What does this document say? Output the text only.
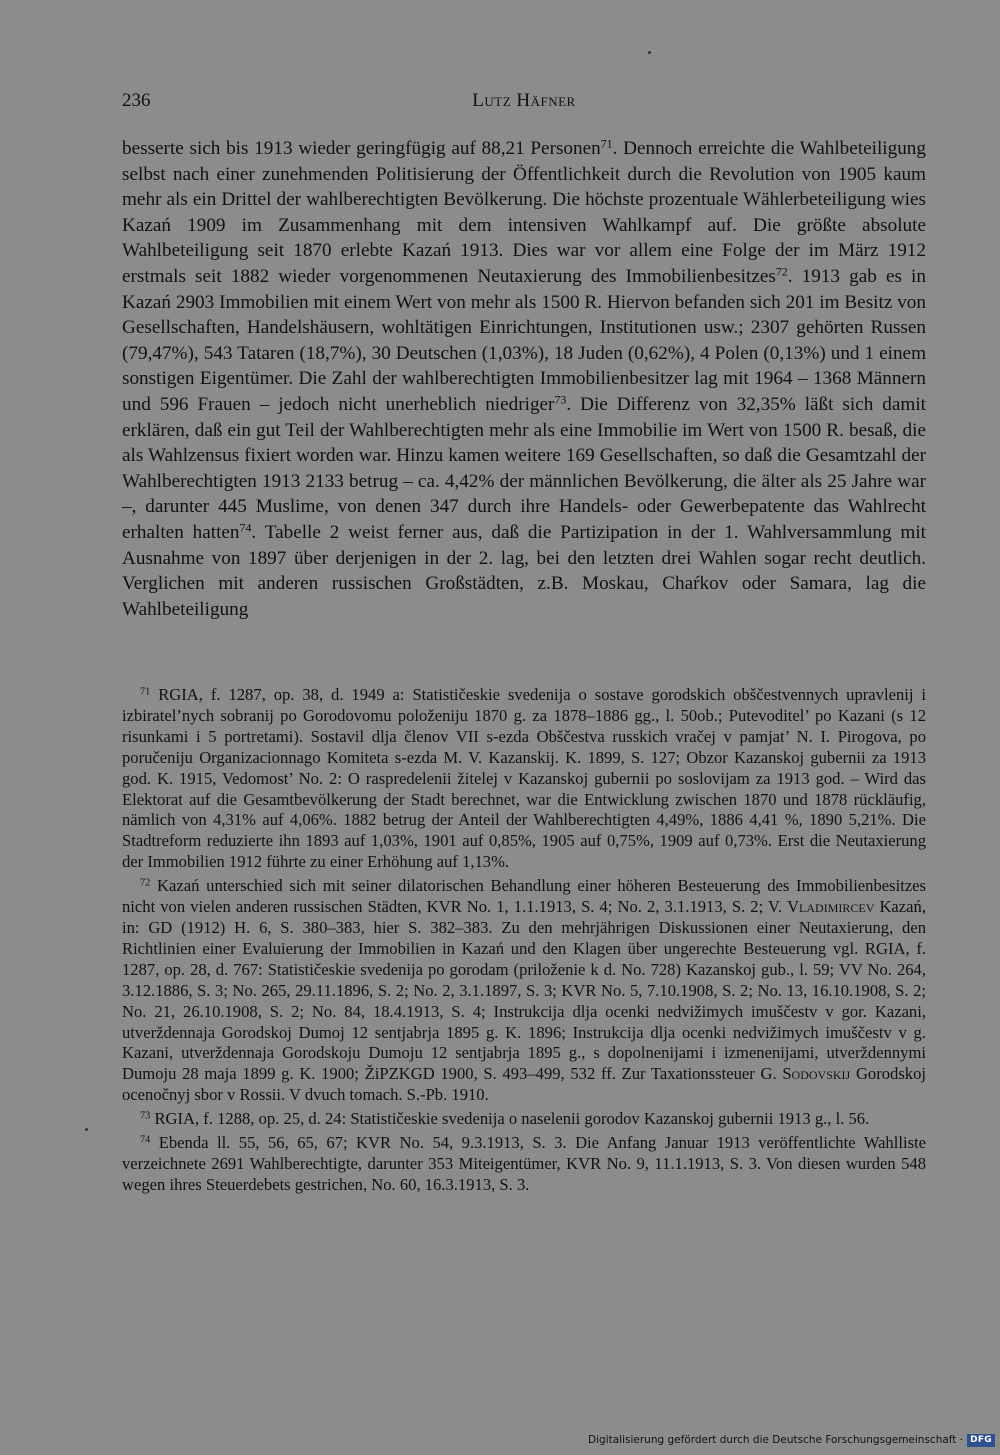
236	Lutz Häfner

besserte sich bis 1913 wieder geringfügig auf 88,21 Personen$^{71}$. Dennoch erreichte die Wahlbeteiligung selbst nach einer zunehmenden Politisierung der Öffentlichkeit durch die Revolution von 1905 kaum mehr als ein Drittel der wahlberechtigten Bevölkerung. Die höchste prozentuale Wählerbeteiligung wies Kazań 1909 im Zusammenhang mit dem intensiven Wahlkampf auf. Die größte absolute Wahlbeteiligung seit 1870 erlebte Kazań 1913. Dies war vor allem eine Folge der im März 1912 erstmals seit 1882 wieder vorgenommenen Neutaxierung des Immobilienbesitzes$^{72}$. 1913 gab es in Kazań 2903 Immobilien mit einem Wert von mehr als 1500 R. Hiervon befanden sich 201 im Besitz von Gesellschaften, Handelshäusern, wohltätigen Einrichtungen, Institutionen usw.; 2307 gehörten Russen (79,47%), 543 Tataren (18,7%), 30 Deutschen (1,03%), 18 Juden (0,62%), 4 Polen (0,13%) und 1 einem sonstigen Eigentümer. Die Zahl der wahlberechtigten Immobilienbesitzer lag mit 1964 – 1368 Männern und 596 Frauen – jedoch nicht unerheblich niedriger$^{73}$. Die Differenz von 32,35% läßt sich damit erklären, daß ein gut Teil der Wahlberechtigten mehr als eine Immobilie im Wert von 1500 R. besaß, die als Wahlzensus fixiert worden war. Hinzu kamen weitere 169 Gesellschaften, so daß die Gesamtzahl der Wahlberechtigten 1913 2133 betrug – ca. 4,42% der männlichen Bevölkerung, die älter als 25 Jahre war –, darunter 445 Muslime, von denen 347 durch ihre Handels- oder Gewerbepatente das Wahlrecht erhalten hatten$^{74}$. Tabelle 2 weist ferner aus, daß die Partizipation in der 1. Wahlversammlung mit Ausnahme von 1897 über derjenigen in der 2. lag, bei den letzten drei Wahlen sogar recht deutlich. Verglichen mit anderen russischen Großstädten, z.B. Moskau, Chaŕkov oder Samara, lag die Wahlbeteiligung

$^{71}$ RGIA, f. 1287, op. 38, d. 1949 a: Statističeskie svedenija o sostave gorodskich obščestvennych upravlenij i izbiratel’nych sobranij po Gorodovomu položeniju 1870 g. za 1878–1886 gg., l. 50ob.; Putevoditel’ po Kazani (s 12 risunkami i 5 portretami). Sostavil dlja členov VII s-ezda Obščestva russkich vračej v pamjat’ N. I. Pirogova, po poručeniju Organizacionnago Komiteta s-ezda M. V. Kazanskij. K. 1899, S. 127; Obzor Kazanskoj gubernii za 1913 god. K. 1915, Vedomost’ No. 2: O raspredelenii žitelej v Kazanskoj gubernii po soslovijam za 1913 god. – Wird das Elektorat auf die Gesamtbevölkerung der Stadt berechnet, war die Entwicklung zwischen 1870 und 1878 rückläufig, nämlich von 4,31% auf 4,06%. 1882 betrug der Anteil der Wahlberechtigten 4,49%, 1886 4,41 %, 1890 5,21%. Die Stadtreform reduzierte ihn 1893 auf 1,03%, 1901 auf 0,85%, 1905 auf 0,75%, 1909 auf 0,73%. Erst die Neutaxierung der Immobilien 1912 führte zu einer Erhöhung auf 1,13%.

$^{72}$ Kazań unterschied sich mit seiner dilatorischen Behandlung einer höheren Besteuerung des Immobilienbesitzes nicht von vielen anderen russischen Städten, KVR No. 1, 1.1.1913, S. 4; No. 2, 3.1.1913, S. 2; V. Vladimircev Kazań, in: GD (1912) H. 6, S. 380–383, hier S. 382–383. Zu den mehrjährigen Diskussionen einer Neutaxierung, den Richtlinien einer Evaluierung der Immobilien in Kazań und den Klagen über ungerechte Besteuerung vgl. RGIA, f. 1287, op. 28, d. 767: Statističeskie svedenija po gorodam (priloženie k d. No. 728) Kazanskoj gub., l. 59; VV No. 264, 3.12.1886, S. 3; No. 265, 29.11.1896, S. 2; No. 2, 3.1.1897, S. 3; KVR No. 5, 7.10.1908, S. 2; No. 13, 16.10.1908, S. 2; No. 21, 26.10.1908, S. 2; No. 84, 18.4.1913, S. 4; Instrukcija dlja ocenki nedvižimych imuščestv v gor. Kazani, utverždennaja Gorodskoj Dumoj 12 sentjabrja 1895 g. K. 1896; Instrukcija dlja ocenki nedvižimych imuščestv v g. Kazani, utverždennaja Gorodskoju Dumoju 12 sentjabrja 1895 g., s dopolnenijami i izmenenijami, utverždennymi Dumoju 28 maja 1899 g. K. 1900; ŽiPZKGD 1900, S. 493–499, 532 ff. Zur Taxationssteuer G. Sodovskij Gorodskoj ocenočnyj sbor v Rossii. V dvuch tomach. S.-Pb. 1910.

$^{73}$ RGIA, f. 1288, op. 25, d. 24: Statističeskie svedenija o naselenii gorodov Kazanskoj gubernii 1913 g., l. 56.

$^{74}$ Ebenda ll. 55, 56, 65, 67; KVR No. 54, 9.3.1913, S. 3. Die Anfang Januar 1913 veröffentlichte Wahlliste verzeichnete 2691 Wahlberechtigte, darunter 353 Miteigentümer, KVR No. 9, 11.1.1913, S. 3. Von diesen wurden 548 wegen ihres Steuerdebets gestrichen, No. 60, 16.3.1913, S. 3.

Digitalisierung gefördert durch die Deutsche Forschungsgemeinschaft · DFG
